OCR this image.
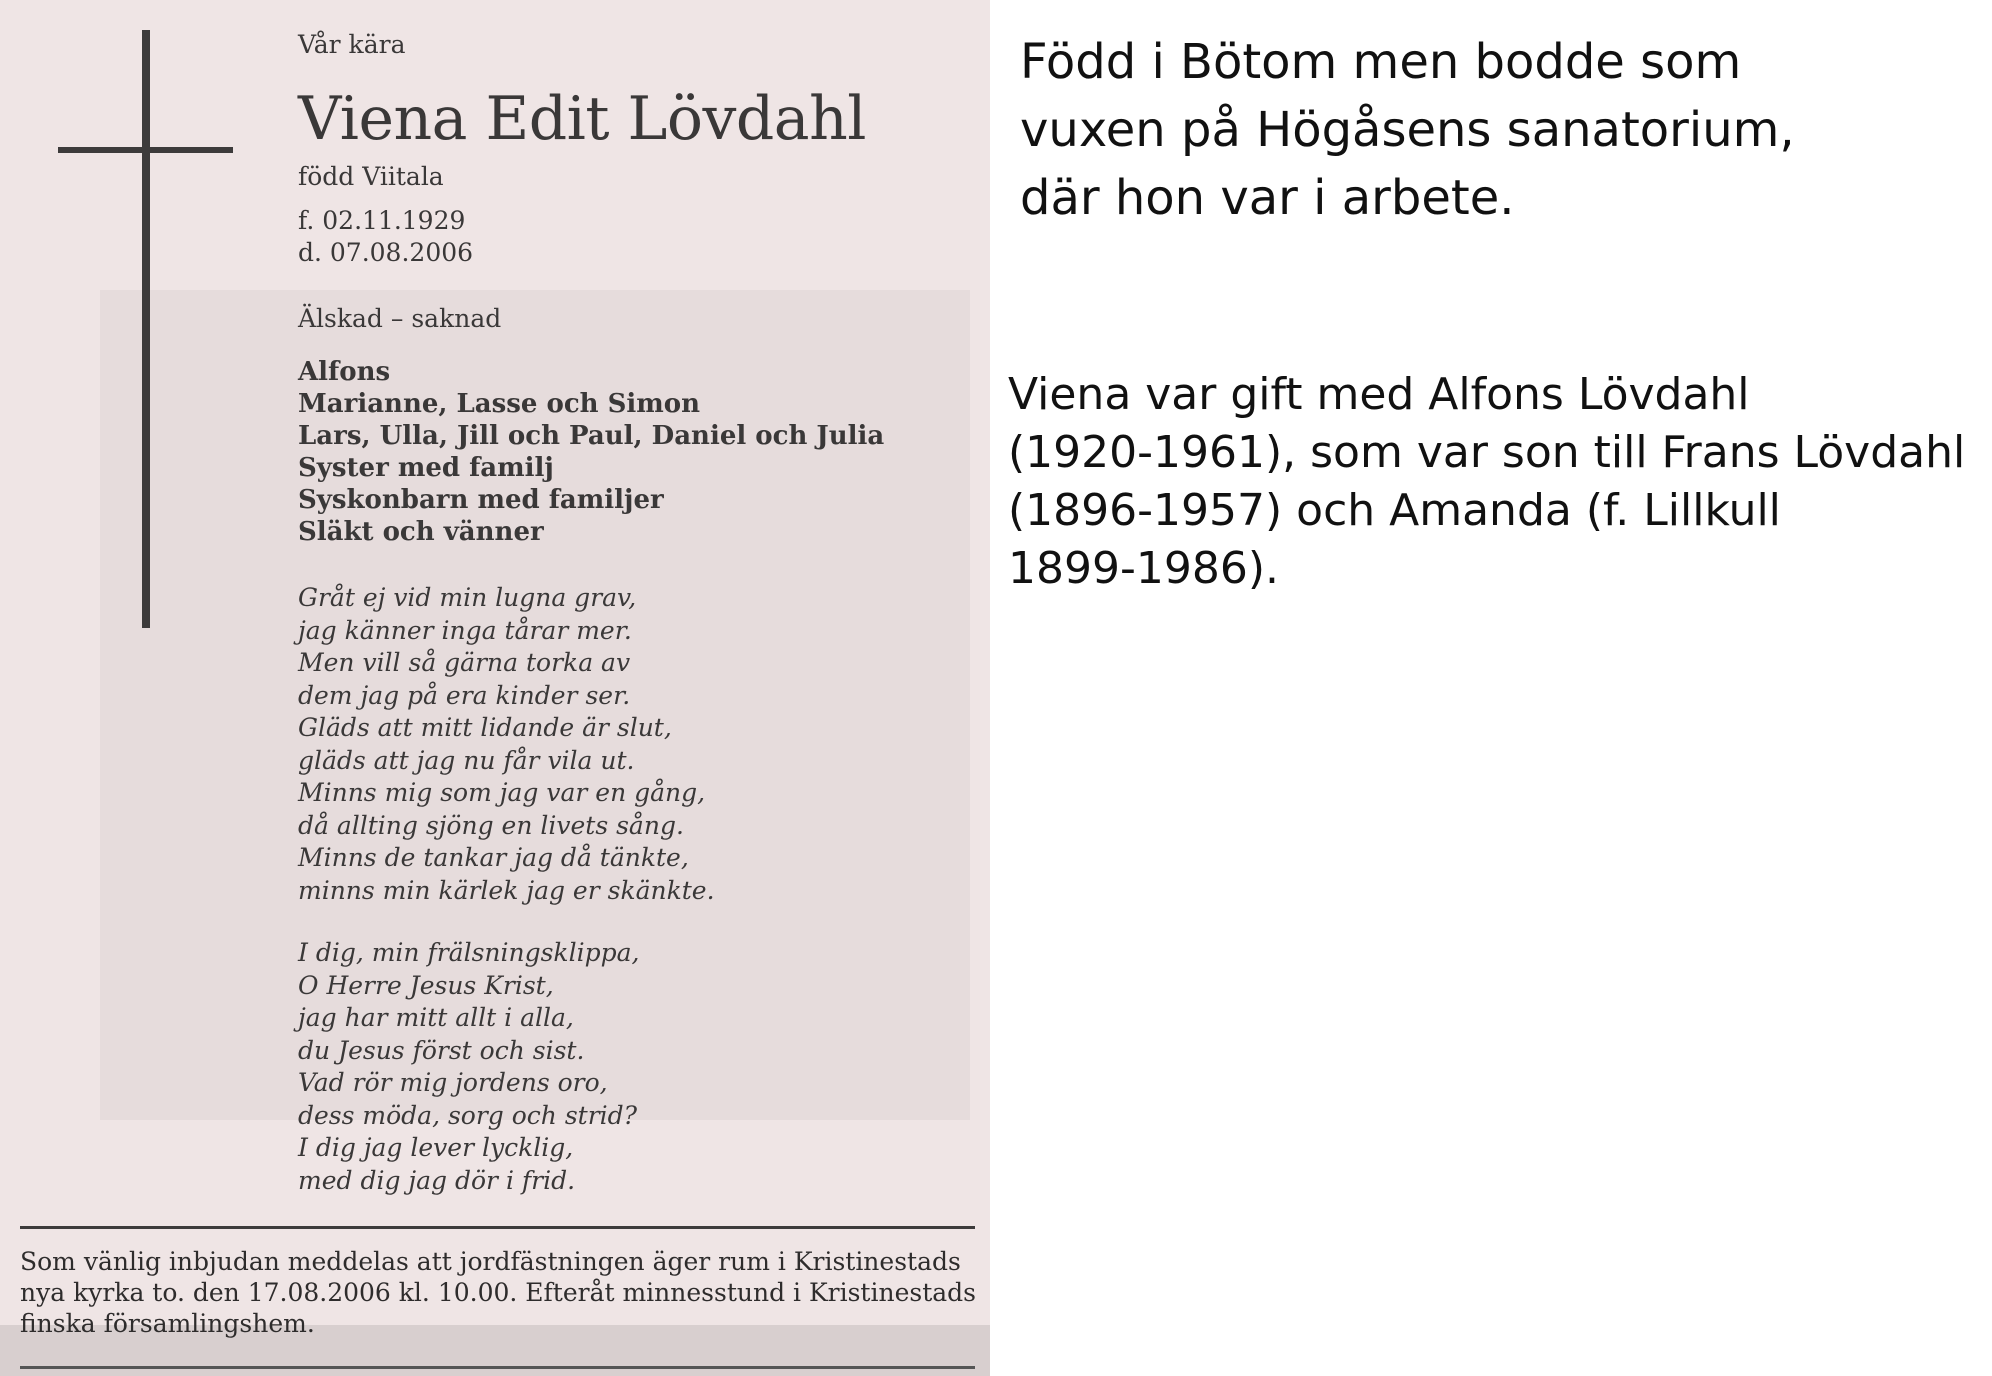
Vår kära
Viena Edit Lövdahl
född Viitala
f. 02.11.1929
d. 07.08.2006
Älskad – saknad
Alfons
Marianne, Lasse och Simon
Lars, Ulla, Jill och Paul, Daniel och Julia
Syster med familj
Syskonbarn med familjer
Släkt och vänner
Gråt ej vid min lugna grav,
jag känner inga tårar mer.
Men vill så gärna torka av
dem jag på era kinder ser.
Gläds att mitt lidande är slut,
gläds att jag nu får vila ut.
Minns mig som jag var en gång,
då allting sjöng en livets sång.
Minns de tankar jag då tänkte,
minns min kärlek jag er skänkte.
I dig, min frälsningsklippa,
O Herre Jesus Krist,
jag har mitt allt i alla,
du Jesus först och sist.
Vad rör mig jordens oro,
dess möda, sorg och strid?
I dig jag lever lycklig,
med dig jag dör i frid.
Som vänlig inbjudan meddelas att jordfästningen äger rum i Kristinestads
nya kyrka to. den 17.08.2006 kl. 10.00. Efteråt minnesstund i Kristinestads
finska församlingshem.
Född i Bötom men bodde som
vuxen på Högåsens sanatorium,
där hon var i arbete.
Viena var gift med Alfons Lövdahl
(1920-1961), som var son till Frans Lövdahl
(1896-1957) och Amanda (f. Lillkull
1899-1986).
